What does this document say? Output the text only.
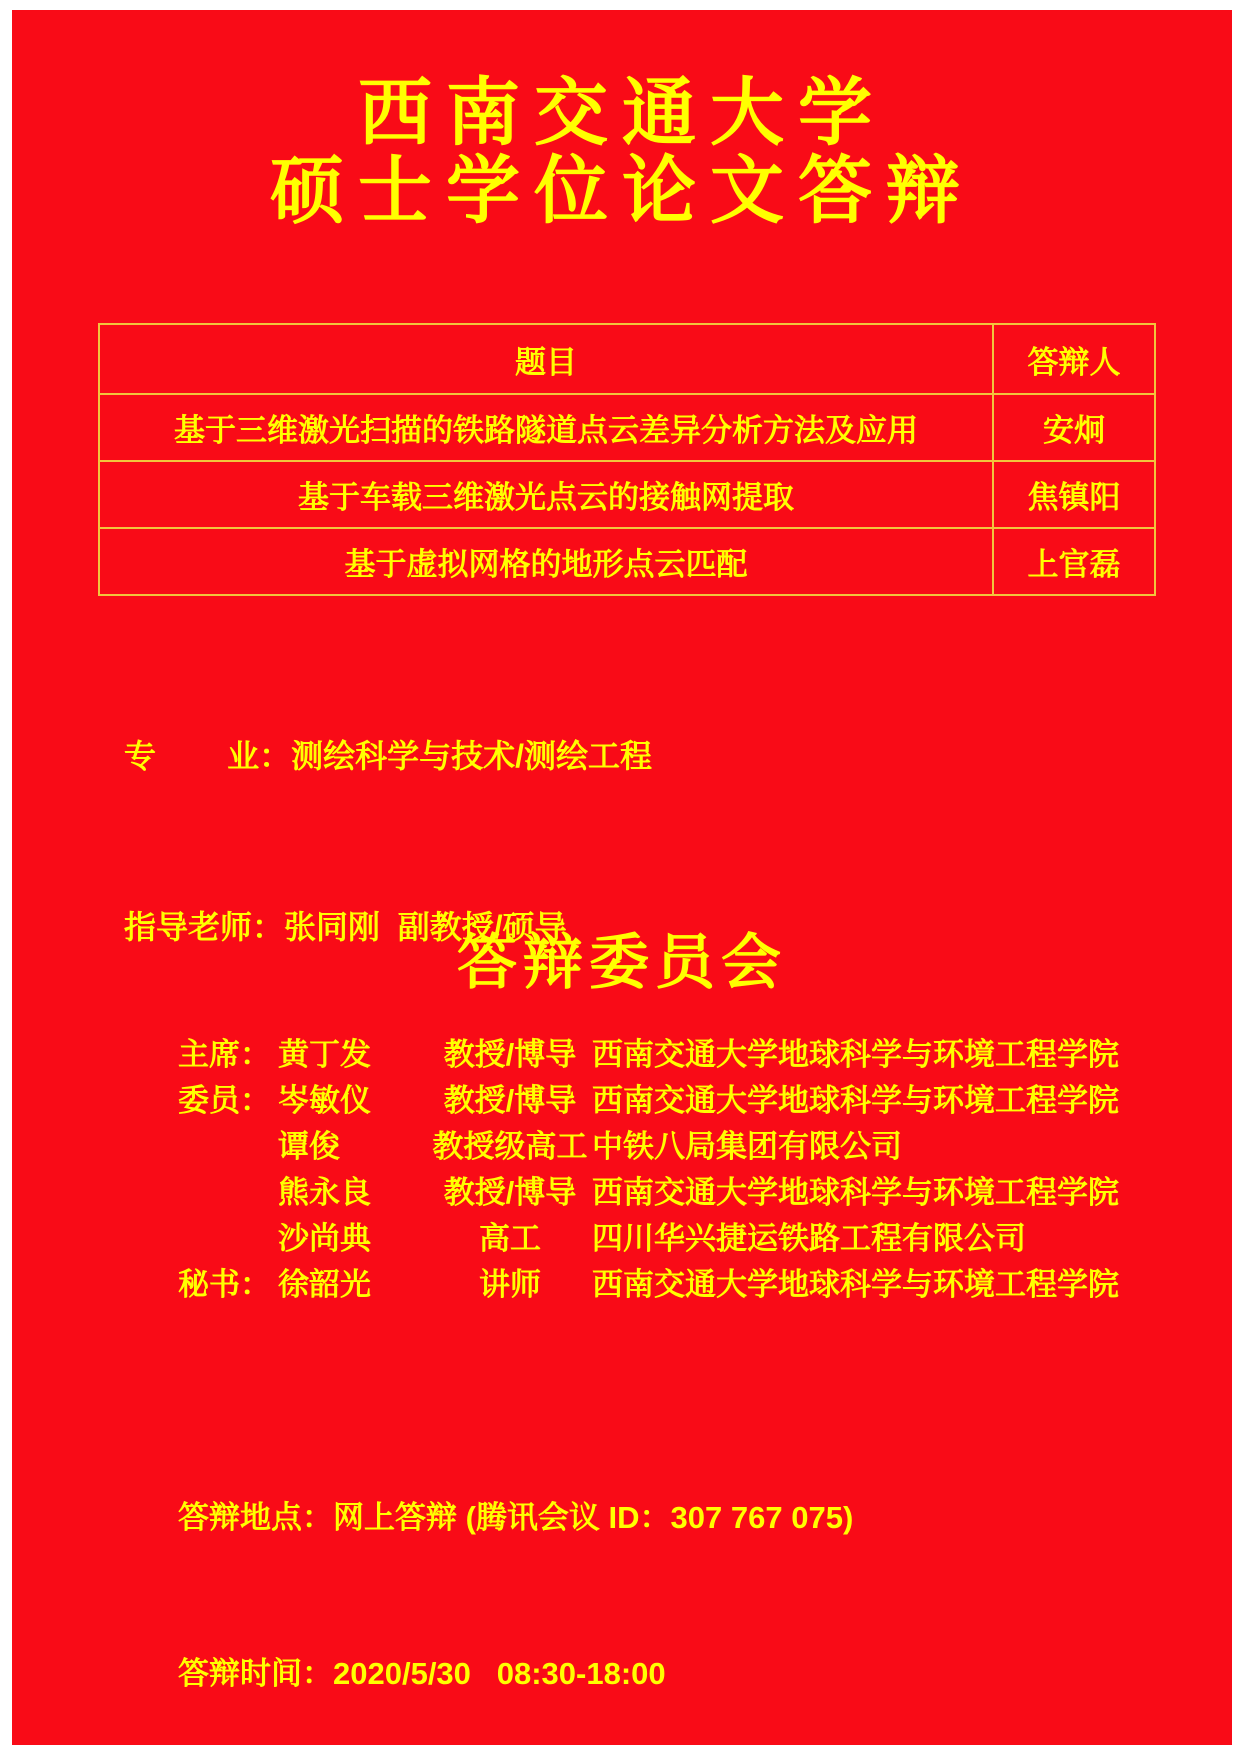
西南交通大学
硕士学位论文答辩
题目	答辩人
基于三维激光扫描的铁路隧道点云差异分析方法及应用	安炯
基于车载三维激光点云的接触网提取	焦镇阳
基于虚拟网格的地形点云匹配	上官磊

专        业：测绘科学与技术/测绘工程

指导老师：张同刚  副教授/硕导

答辩委员会
主席： 黄丁发	教授/博导 西南交通大学地球科学与环境工程学院
委员： 岑敏仪	教授/博导 西南交通大学地球科学与环境工程学院
谭俊	教授级高工 中铁八局集团有限公司
熊永良	教授/博导 西南交通大学地球科学与环境工程学院
沙尚典	高工	四川华兴捷运铁路工程有限公司
秘书： 徐韶光	讲师	西南交通大学地球科学与环境工程学院

答辩地点：网上答辩 (腾讯会议 ID：307 767 075)

答辩时间：2020/5/30   08:30-18:00
